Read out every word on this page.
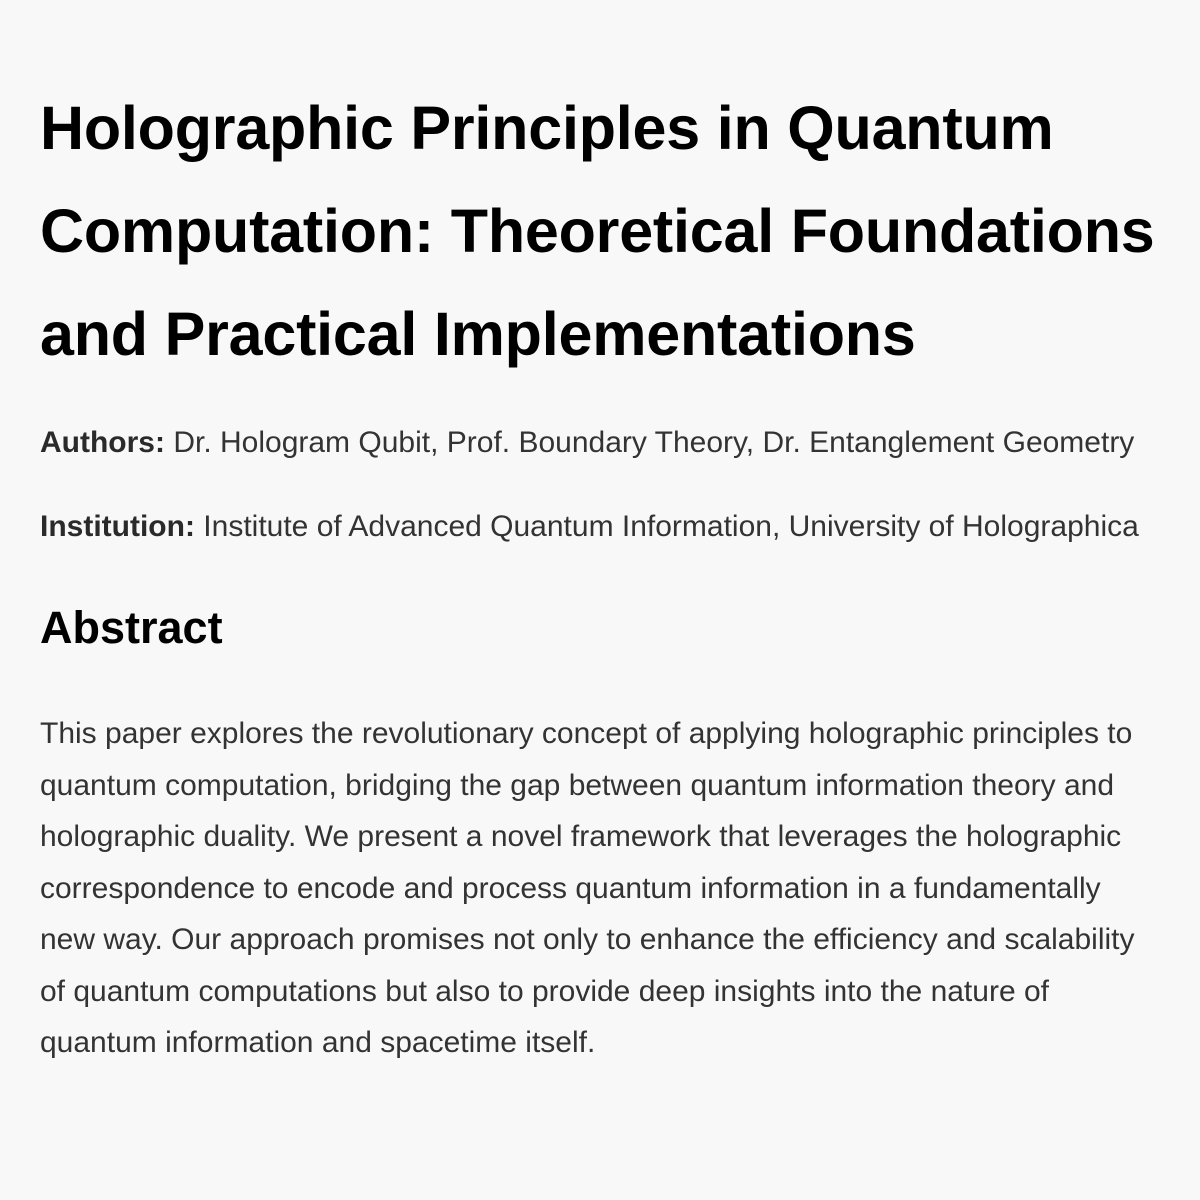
Holographic Principles in Quantum Computation: Theoretical Foundations and Practical Implementations

Authors: Dr. Hologram Qubit, Prof. Boundary Theory, Dr. Entanglement Geometry

Institution: Institute of Advanced Quantum Information, University of Holographica

Abstract

This paper explores the revolutionary concept of applying holographic principles to quantum computation, bridging the gap between quantum information theory and holographic duality. We present a novel framework that leverages the holographic correspondence to encode and process quantum information in a fundamentally new way. Our approach promises not only to enhance the efficiency and scalability of quantum computations but also to provide deep insights into the nature of quantum information and spacetime itself.
